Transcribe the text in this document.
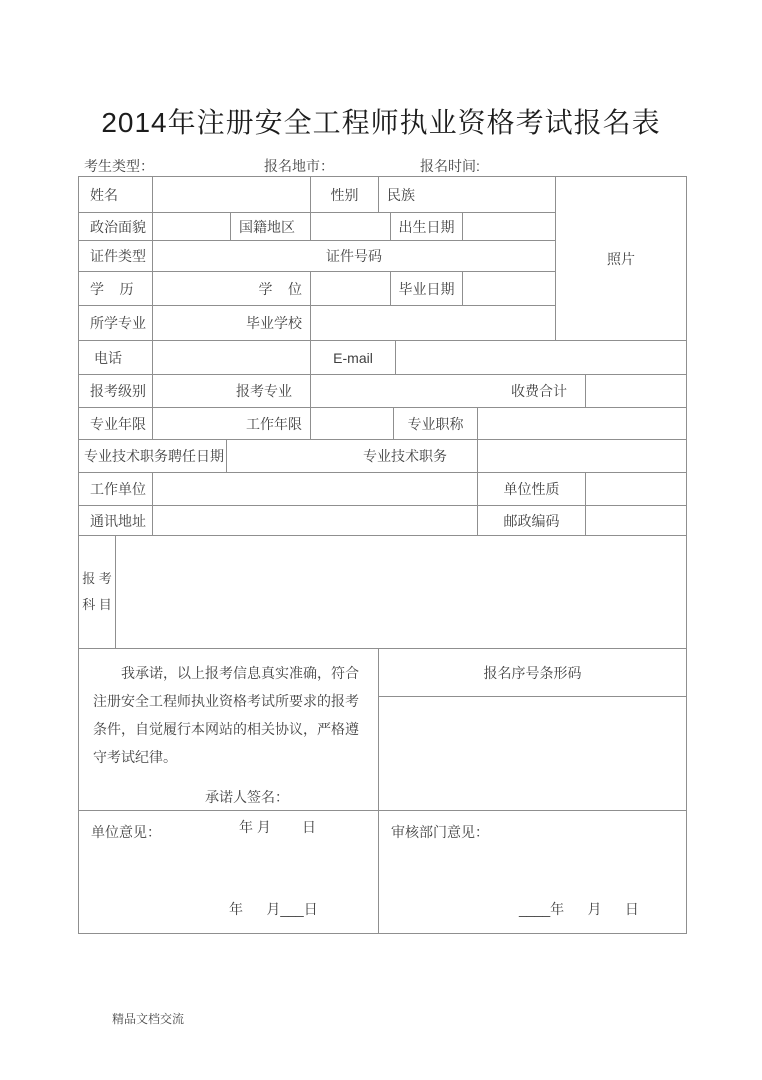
2014年注册安全工程师执业资格考试报名表
考生类型：	报名地市：	报名时间:
姓名	性别	民族
政治面貌	国籍地区	出生日期
证件类型	证件号码
学    历	学    位	毕业日期
所学专业	毕业学校
照片
电话	E-mail
报考级别	报考专业	收费合计
专业年限	工作年限	专业职称
专业技术职务聘任日期	专业技术职务
工作单位	单位性质
通讯地址	邮政编码
报 考
科 目

我承诺，以上报考信息真实准确，符合注册安全工程师执业资格考试所要求的报考条件，自觉履行本网站的相关协议，严格遵守考试纪律。

承诺人签名：
年 月        日
报名序号条形码
单位意见：
年      月___日
审核部门意见：
____年      月      日
精品文档交流
